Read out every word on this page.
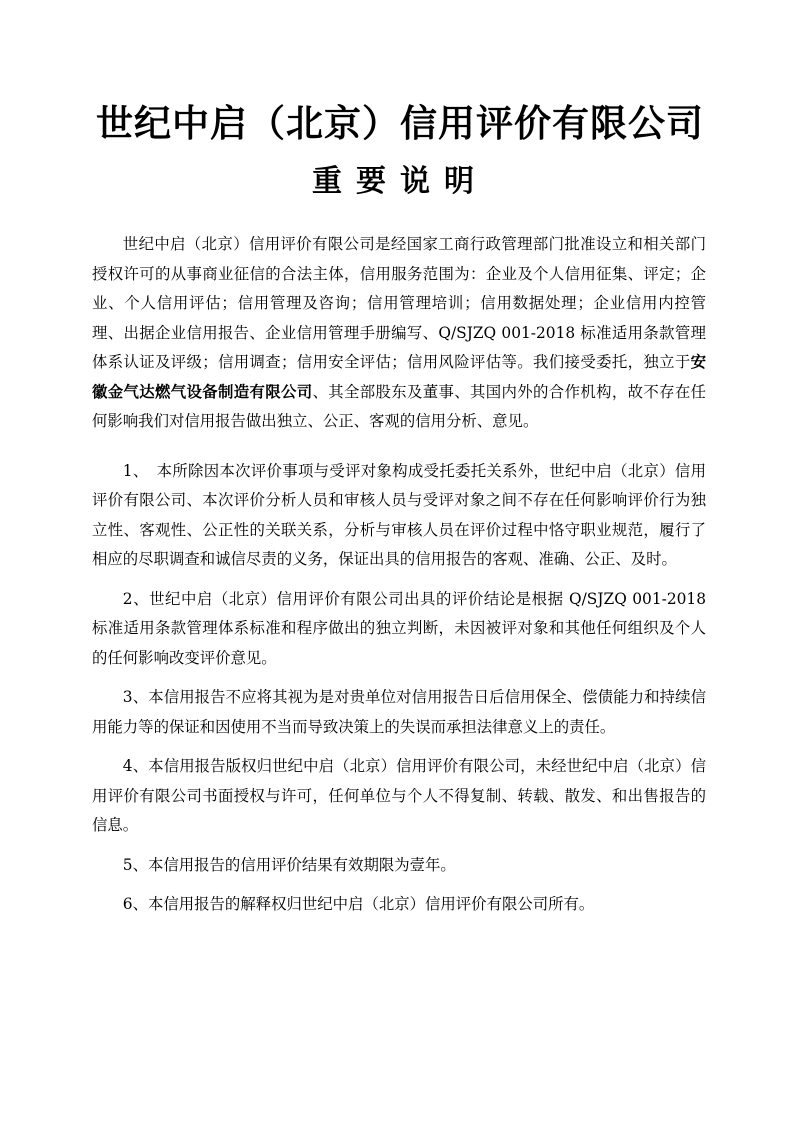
世纪中启（北京）信用评价有限公司
重要说明

世纪中启（北京）信用评价有限公司是经国家工商行政管理部门批准设立和相关部门授权许可的从事商业征信的合法主体，信用服务范围为：企业及个人信用征集、评定；企业、个人信用评估；信用管理及咨询；信用管理培训；信用数据处理；企业信用内控管理、出据企业信用报告、企业信用管理手册编写、Q/SJZQ 001-2018 标准适用条款管理体系认证及评级；信用调查；信用安全评估；信用风险评估等。我们接受委托，独立于安徽金气达燃气设备制造有限公司、其全部股东及董事、其国内外的合作机构，故不存在任何影响我们对信用报告做出独立、公正、客观的信用分析、意见。

1、　本所除因本次评价事项与受评对象构成受托委托关系外，世纪中启（北京）信用评价有限公司、本次评价分析人员和审核人员与受评对象之间不存在任何影响评价行为独立性、客观性、公正性的关联关系，分析与审核人员在评价过程中恪守职业规范，履行了相应的尽职调查和诚信尽责的义务，保证出具的信用报告的客观、准确、公正、及时。

2、世纪中启（北京）信用评价有限公司出具的评价结论是根据 Q/SJZQ 001-2018 标准适用条款管理体系标准和程序做出的独立判断，未因被评对象和其他任何组织及个人的任何影响改变评价意见。

3、本信用报告不应将其视为是对贵单位对信用报告日后信用保全、偿债能力和持续信用能力等的保证和因使用不当而导致决策上的失误而承担法律意义上的责任。

4、本信用报告版权归世纪中启（北京）信用评价有限公司，未经世纪中启（北京）信用评价有限公司书面授权与许可，任何单位与个人不得复制、转载、散发、和出售报告的信息。

5、本信用报告的信用评价结果有效期限为壹年。

6、本信用报告的解释权归世纪中启（北京）信用评价有限公司所有。
